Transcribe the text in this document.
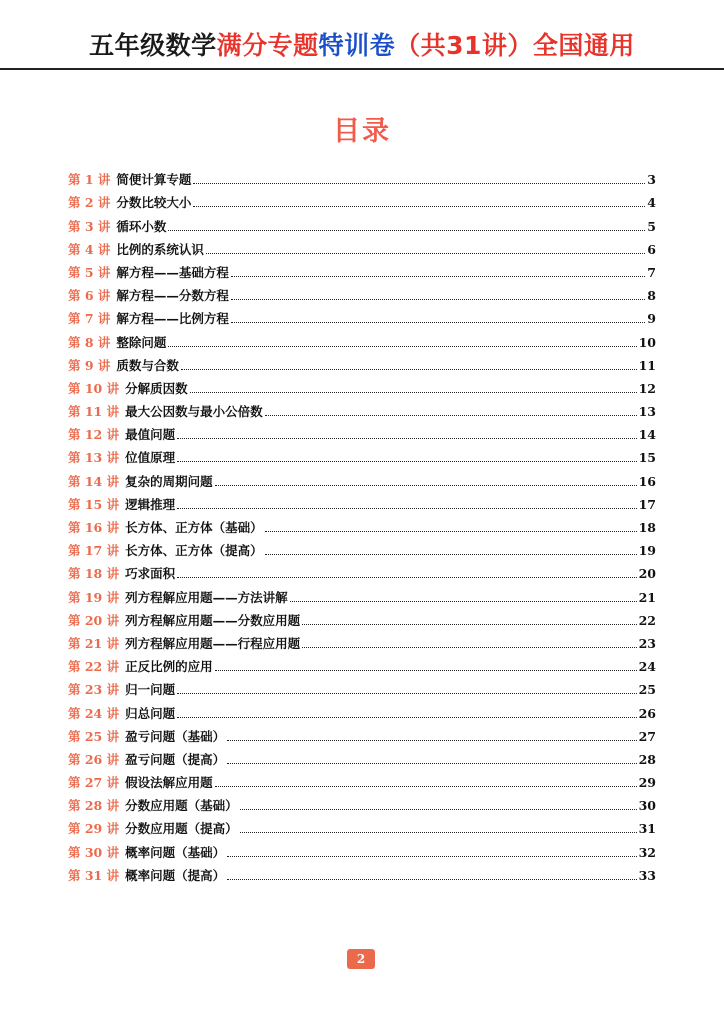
五年级数学满分专题特训卷（共31讲）全国通用
目录
第 1 讲 简便计算专题	3
第 2 讲 分数比较大小	4
第 3 讲 循环小数	5
第 4 讲 比例的系统认识	6
第 5 讲 解方程——基础方程	7
第 6 讲 解方程——分数方程	8
第 7 讲 解方程——比例方程	9
第 8 讲 整除问题	10
第 9 讲 质数与合数	11
第 10 讲 分解质因数	12
第 11 讲 最大公因数与最小公倍数	13
第 12 讲 最值问题	14
第 13 讲 位值原理	15
第 14 讲 复杂的周期问题	16
第 15 讲 逻辑推理	17
第 16 讲 长方体、正方体（基础）	18
第 17 讲 长方体、正方体（提高）	19
第 18 讲 巧求面积	20
第 19 讲 列方程解应用题——方法讲解	21
第 20 讲 列方程解应用题——分数应用题	22
第 21 讲 列方程解应用题——行程应用题	23
第 22 讲 正反比例的应用	24
第 23 讲 归一问题	25
第 24 讲 归总问题	26
第 25 讲 盈亏问题（基础）	27
第 26 讲 盈亏问题（提高）	28
第 27 讲 假设法解应用题	29
第 28 讲 分数应用题（基础）	30
第 29 讲 分数应用题（提高）	31
第 30 讲 概率问题（基础）	32
第 31 讲 概率问题（提高）	33
2
